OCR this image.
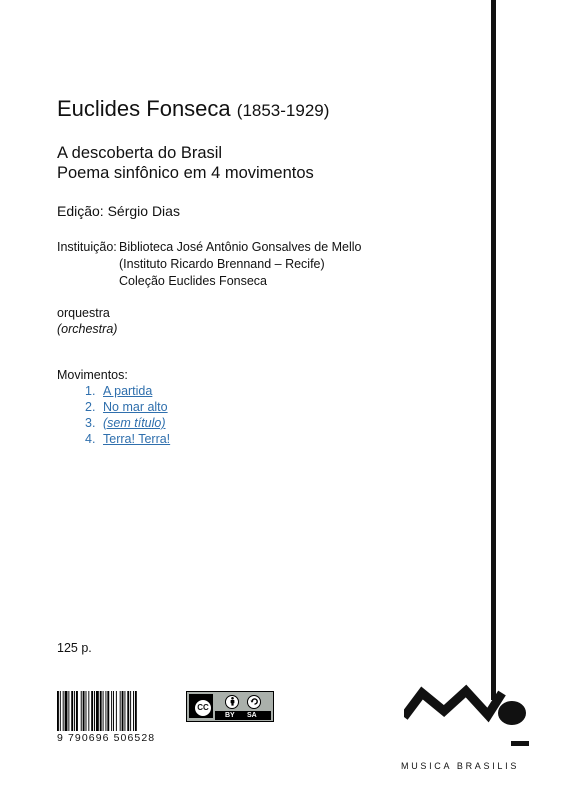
Euclides Fonseca (1853-1929)
A descoberta do Brasil
Poema sinfônico em 4 movimentos
Edição: Sérgio Dias
Instituição: Biblioteca José Antônio Gonsalves de Mello
(Instituto Ricardo Brennand – Recife)
Coleção Euclides Fonseca
orquestra
(orchestra)
Movimentos:
1. A partida
2. No mar alto
3. (sem título)
4. Terra! Terra!
125 p.
9 790696 506528
CC
BY SA
MUSICA BRASILIS
